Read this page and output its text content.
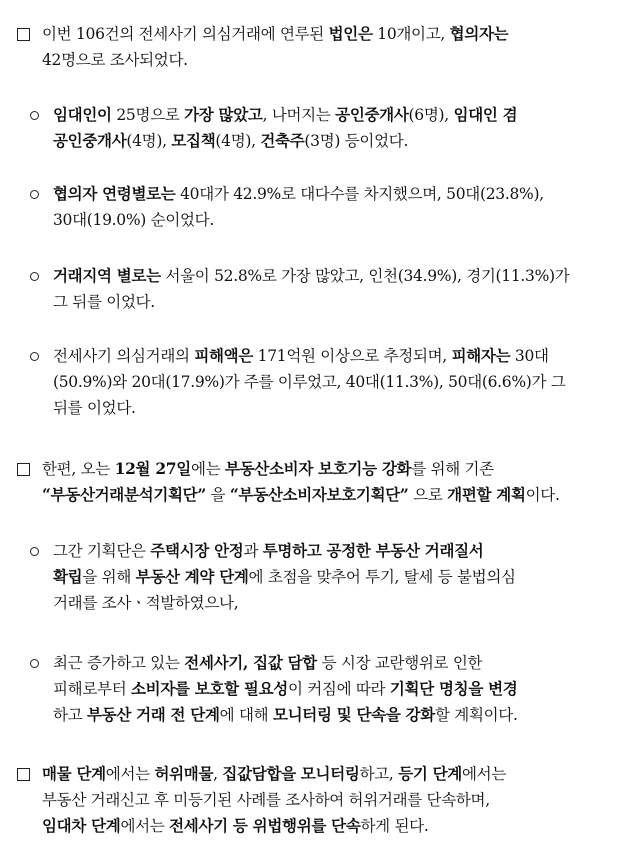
이번 106건의 전세사기 의심거래에 연루된 법인은 10개이고, 협의자는
42명으로 조사되었다.
임대인이 25명으로 가장 많았고, 나머지는 공인중개사(6명), 임대인 겸
공인중개사(4명), 모집책(4명), 건축주(3명) 등이었다.
협의자 연령별로는 40대가 42.9%로 대다수를 차지했으며, 50대(23.8%),
30대(19.0%) 순이었다.
거래지역 별로는 서울이 52.8%로 가장 많았고, 인천(34.9%), 경기(11.3%)가
그 뒤를 이었다.
전세사기 의심거래의 피해액은 171억원 이상으로 추정되며, 피해자는 30대
(50.9%)와 20대(17.9%)가 주를 이루었고, 40대(11.3%), 50대(6.6%)가 그
뒤를 이었다.
한편, 오는 12월 27일에는 부동산소비자 보호기능 강화를 위해 기존
“부동산거래분석기획단” 을 “부동산소비자보호기획단” 으로 개편할 계획이다.
그간 기획단은 주택시장 안정과 투명하고 공정한 부동산 거래질서
확립을 위해 부동산 계약 단계에 초점을 맞추어 투기, 탈세 등 불법의심
거래를 조사ㆍ적발하였으나,
최근 증가하고 있는 전세사기, 집값 담합 등 시장 교란행위로 인한
피해로부터 소비자를 보호할 필요성이 커짐에 따라 기획단 명칭을 변경
하고 부동산 거래 전 단계에 대해 모니터링 및 단속을 강화할 계획이다.
매물 단계에서는 허위매물, 집값담합을 모니터링하고, 등기 단계에서는
부동산 거래신고 후 미등기된 사례를 조사하여 허위거래를 단속하며,
임대차 단계에서는 전세사기 등 위법행위를 단속하게 된다.
